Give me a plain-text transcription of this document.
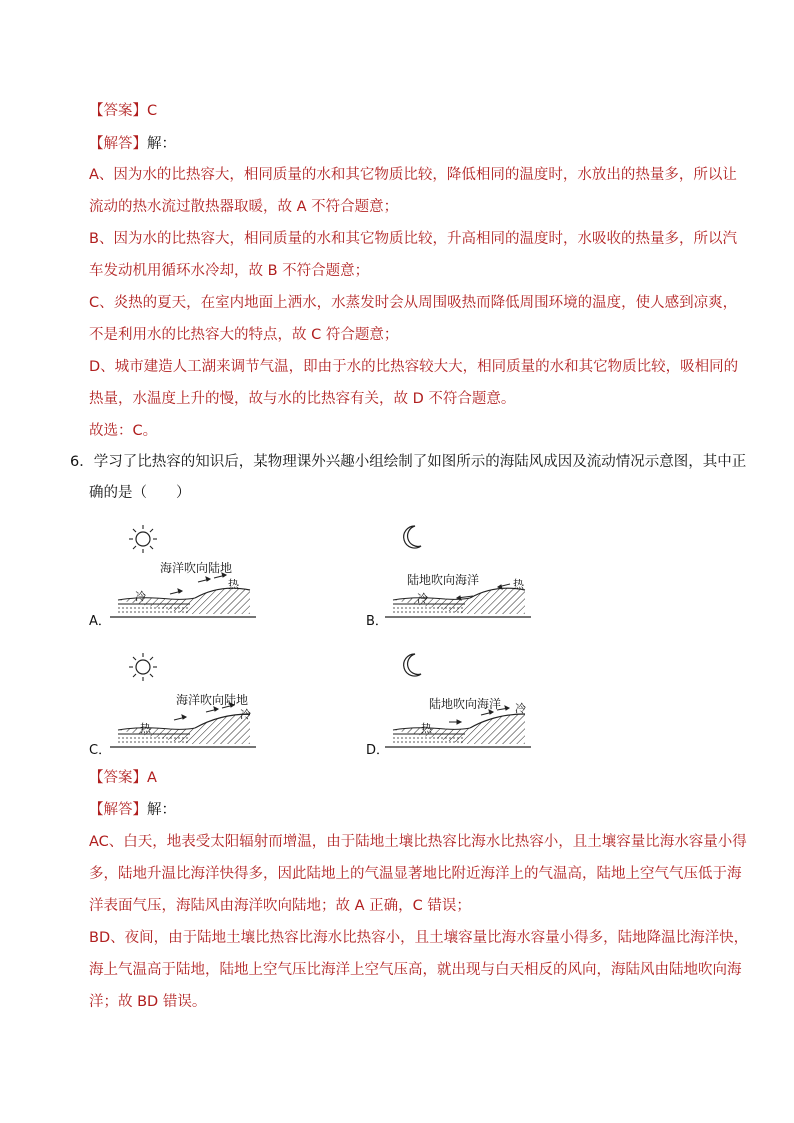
【答案】C
【解答】解：
A、因为水的比热容大，相同质量的水和其它物质比较，降低相同的温度时，水放出的热量多，所以让
流动的热水流过散热器取暖，故 A 不符合题意；
B、因为水的比热容大，相同质量的水和其它物质比较，升高相同的温度时，水吸收的热量多，所以汽
车发动机用循环水冷却，故 B 不符合题意；
C、炎热的夏天，在室内地面上洒水，水蒸发时会从周围吸热而降低周围环境的温度，使人感到凉爽，
不是利用水的比热容大的特点，故 C 符合题意；
D、城市建造人工湖来调节气温，即由于水的比热容较大大，相同质量的水和其它物质比较，吸相同的
热量，水温度上升的慢，故与水的比热容有关，故 D 不符合题意。
故选：C。
6．学习了比热容的知识后，某物理课外兴趣小组绘制了如图所示的海陆风成因及流动情况示意图，其中正
确的是（　　）
海洋吹向陆地
冷
热
A．
陆地吹向海洋
冷
热
B．
海洋吹向陆地
热
冷
C．
陆地吹向海洋
热
冷
D．
【答案】A
【解答】解：
AC、白天，地表受太阳辐射而增温，由于陆地土壤比热容比海水比热容小，且土壤容量比海水容量小得
多，陆地升温比海洋快得多，因此陆地上的气温显著地比附近海洋上的气温高，陆地上空气气压低于海
洋表面气压，海陆风由海洋吹向陆地；故 A 正确，C 错误；
BD、夜间，由于陆地土壤比热容比海水比热容小，且土壤容量比海水容量小得多，陆地降温比海洋快，
海上气温高于陆地，陆地上空气压比海洋上空气压高，就出现与白天相反的风向，海陆风由陆地吹向海
洋；故 BD 错误。
